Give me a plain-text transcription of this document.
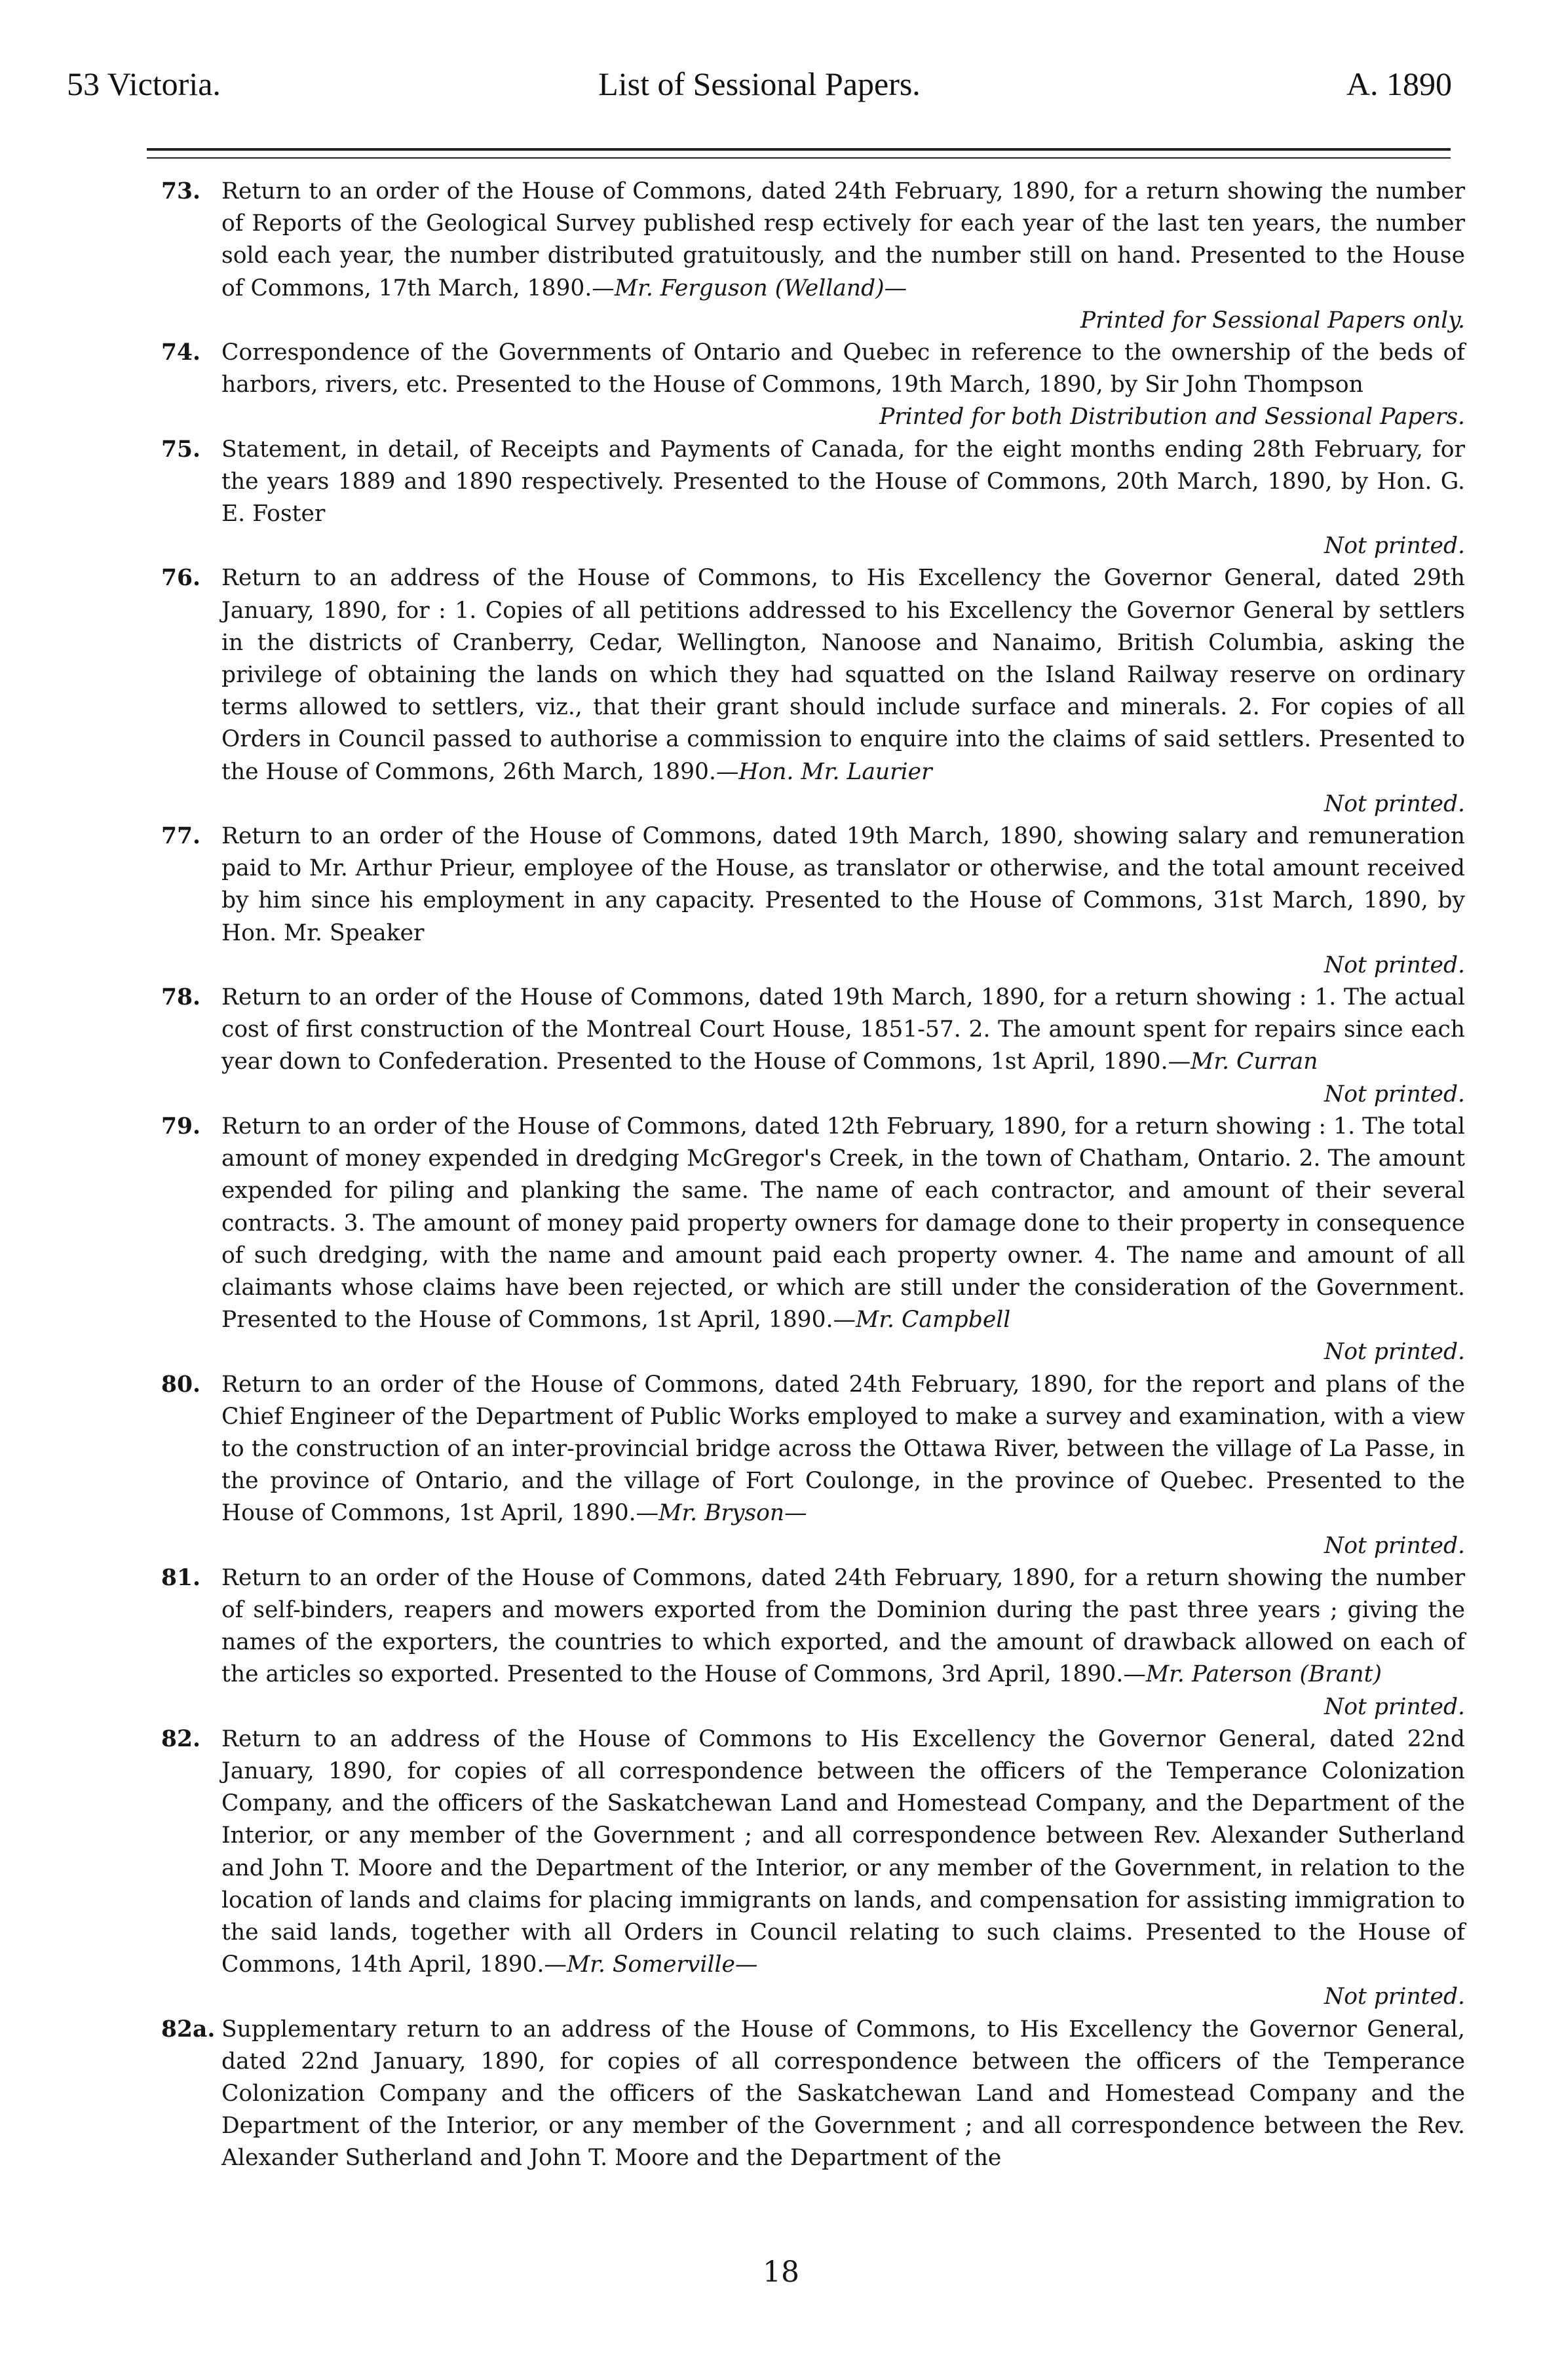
53 Victoria.	List of Sessional Papers.	A. 1890
73. Return to an order of the House of Commons, dated 24th February, 1890, for a return showing the number of Reports of the Geological Survey published resp ectively for each year of the last ten years, the number sold each year, the number distributed gratuitously, and the number still on hand. Presented to the House of Commons, 17th March, 1890.—Mr. Ferguson (Welland)—
Printed for Sessional Papers only.
74. Correspondence of the Governments of Ontario and Quebec in reference to the ownership of the beds of harbors, rivers, etc. Presented to the House of Commons, 19th March, 1890, by Sir John Thompson
Printed for both Distribution and Sessional Papers.
75. Statement, in detail, of Receipts and Payments of Canada, for the eight months ending 28th February, for the years 1889 and 1890 respectively. Presented to the House of Commons, 20th March, 1890, by Hon. G. E. Foster
Not printed.
76. Return to an address of the House of Commons, to His Excellency the Governor General, dated 29th January, 1890, for : 1. Copies of all petitions addressed to his Excellency the Governor General by settlers in the districts of Cranberry, Cedar, Wellington, Nanoose and Nanaimo, British Columbia, asking the privilege of obtaining the lands on which they had squatted on the Island Railway reserve on ordinary terms allowed to settlers, viz., that their grant should include surface and minerals. 2. For copies of all Orders in Council passed to authorise a commission to enquire into the claims of said settlers. Presented to the House of Commons, 26th March, 1890.—Hon. Mr. Laurier
Not printed.
77. Return to an order of the House of Commons, dated 19th March, 1890, showing salary and remuneration paid to Mr. Arthur Prieur, employee of the House, as translator or otherwise, and the total amount received by him since his employment in any capacity. Presented to the House of Commons, 31st March, 1890, by Hon. Mr. Speaker
Not printed.
78. Return to an order of the House of Commons, dated 19th March, 1890, for a return showing : 1. The actual cost of first construction of the Montreal Court House, 1851-57. 2. The amount spent for repairs since each year down to Confederation. Presented to the House of Commons, 1st April, 1890.—Mr. Curran
Not printed.
79. Return to an order of the House of Commons, dated 12th February, 1890, for a return showing : 1. The total amount of money expended in dredging McGregor's Creek, in the town of Chatham, Ontario. 2. The amount expended for piling and planking the same. The name of each contractor, and amount of their several contracts. 3. The amount of money paid property owners for damage done to their property in consequence of such dredging, with the name and amount paid each property owner. 4. The name and amount of all claimants whose claims have been rejected, or which are still under the consideration of the Government. Presented to the House of Commons, 1st April, 1890.—Mr. Campbell
Not printed.
80. Return to an order of the House of Commons, dated 24th February, 1890, for the report and plans of the Chief Engineer of the Department of Public Works employed to make a survey and examination, with a view to the construction of an inter-provincial bridge across the Ottawa River, between the village of La Passe, in the province of Ontario, and the village of Fort Coulonge, in the province of Quebec. Presented to the House of Commons, 1st April, 1890.—Mr. Bryson—
Not printed.
81. Return to an order of the House of Commons, dated 24th February, 1890, for a return showing the number of self-binders, reapers and mowers exported from the Dominion during the past three years ; giving the names of the exporters, the countries to which exported, and the amount of drawback allowed on each of the articles so exported. Presented to the House of Commons, 3rd April, 1890.—Mr. Paterson (Brant)
Not printed.
82. Return to an address of the House of Commons to His Excellency the Governor General, dated 22nd January, 1890, for copies of all correspondence between the officers of the Temperance Colonization Company, and the officers of the Saskatchewan Land and Homestead Company, and the Department of the Interior, or any member of the Government ; and all correspondence between Rev. Alexander Sutherland and John T. Moore and the Department of the Interior, or any member of the Government, in relation to the location of lands and claims for placing immigrants on lands, and compensation for assisting immigration to the said lands, together with all Orders in Council relating to such claims. Presented to the House of Commons, 14th April, 1890.—Mr. Somerville—
Not printed.
82a. Supplementary return to an address of the House of Commons, to His Excellency the Governor General, dated 22nd January, 1890, for copies of all correspondence between the officers of the Temperance Colonization Company and the officers of the Saskatchewan Land and Homestead Company and the Department of the Interior, or any member of the Government ; and all correspondence between the Rev. Alexander Sutherland and John T. Moore and the Department of the
18
